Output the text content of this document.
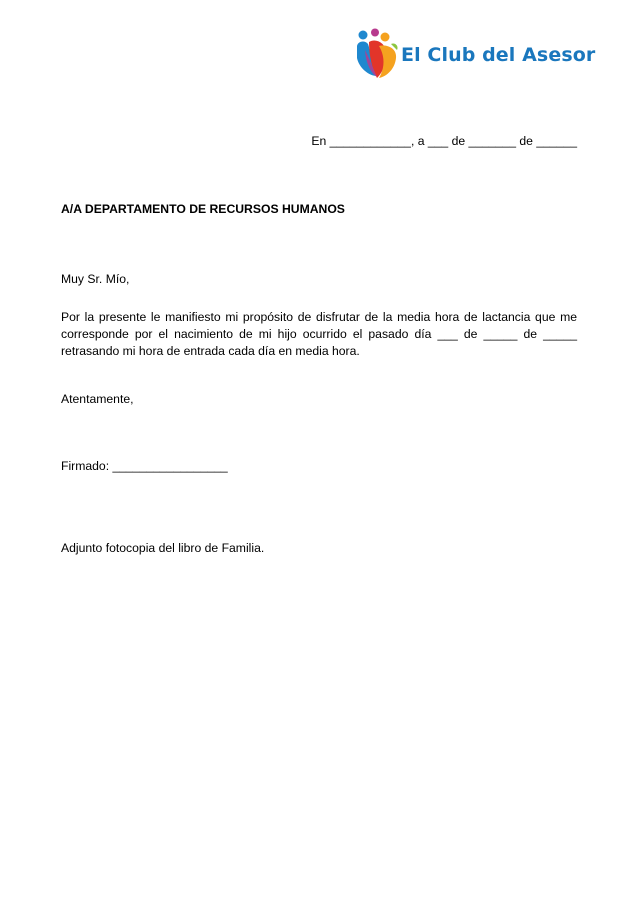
El Club del Asesor
En ____________, a ___ de _______ de ______
A/A DEPARTAMENTO DE RECURSOS HUMANOS
Muy Sr. Mío,
Por la presente le manifiesto mi propósito de disfrutar de la media hora de lactancia que me
corresponde por el nacimiento de mi hijo ocurrido el pasado día ___ de _____ de _____
retrasando mi hora de entrada cada día en media hora.
Atentamente,
Firmado: _________________
Adjunto fotocopia del libro de Familia.
